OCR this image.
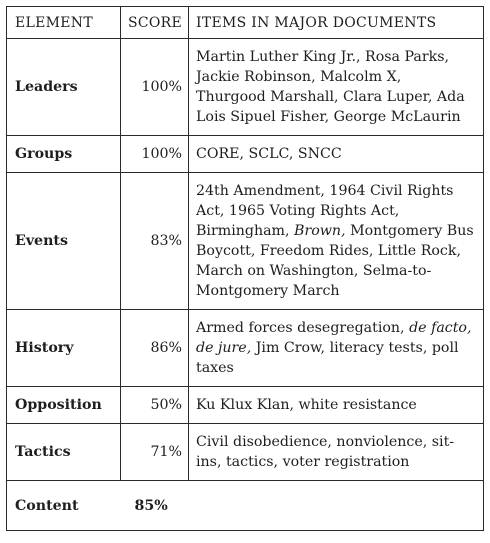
ELEMENT	SCORE	ITEMS IN MAJOR DOCUMENTS
Leaders	100%	Martin Luther King Jr., Rosa Parks, Jackie Robinson, Malcolm X, Thurgood Marshall, Clara Luper, Ada Lois Sipuel Fisher, George McLaurin
Groups	100%	CORE, SCLC, SNCC
Events	83%	24th Amendment, 1964 Civil Rights Act, 1965 Voting Rights Act, Birmingham, Brown, Montgomery Bus Boycott, Freedom Rides, Little Rock, March on Washington, Selma-to-Montgomery March
History	86%	Armed forces desegregation, de facto, de jure, Jim Crow, literacy tests, poll taxes
Opposition	50%	Ku Klux Klan, white resistance
Tactics	71%	Civil disobedience, nonviolence, sit-ins, tactics, voter registration
Content	85%	
